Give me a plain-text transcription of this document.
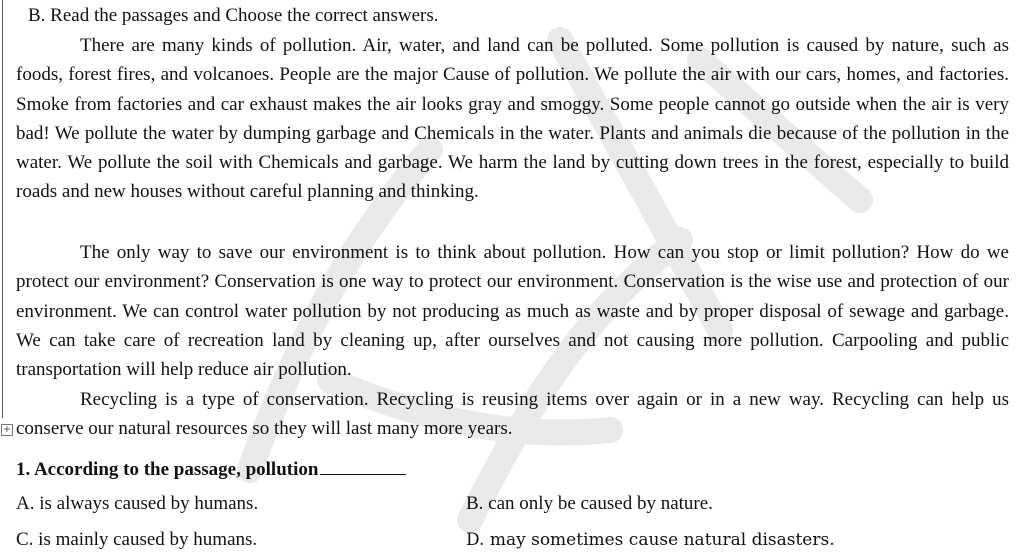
+
B. Read the passages and Choose the correct answers.

There are many kinds of pollution. Air, water, and land can be polluted. Some pollution is caused by nature, such as foods, forest fires, and volcanoes. People are the major Cause of pollution. We pollute the air with our cars, homes, and factories. Smoke from factories and car exhaust makes the air looks gray and smoggy. Some people cannot go outside when the air is very bad! We pollute the water by dumping garbage and Chemicals in the water. Plants and animals die because of the pollution in the water. We pollute the soil with Chemicals and garbage. We harm the land by cutting down trees in the forest, especially to build roads and new houses without careful planning and thinking.

The only way to save our environment is to think about pollution. How can you stop or limit pollution? How do we protect our environment? Conservation is one way to protect our environment. Conservation is the wise use and protection of our environment. We can control water pollution by not producing as much as waste and by proper disposal of sewage and garbage. We can take care of recreation land by cleaning up, after ourselves and not causing more pollution. Carpooling and public transportation will help reduce air pollution.

Recycling is a type of conservation. Recycling is reusing items over again or in a new way. Recycling can help us conserve our natural resources so they will last many more years.

1. According to the passage, pollution
A. is always caused by humans.	B. can only be caused by nature.
C. is mainly caused by humans.	D. may sometimes cause natural disasters.
